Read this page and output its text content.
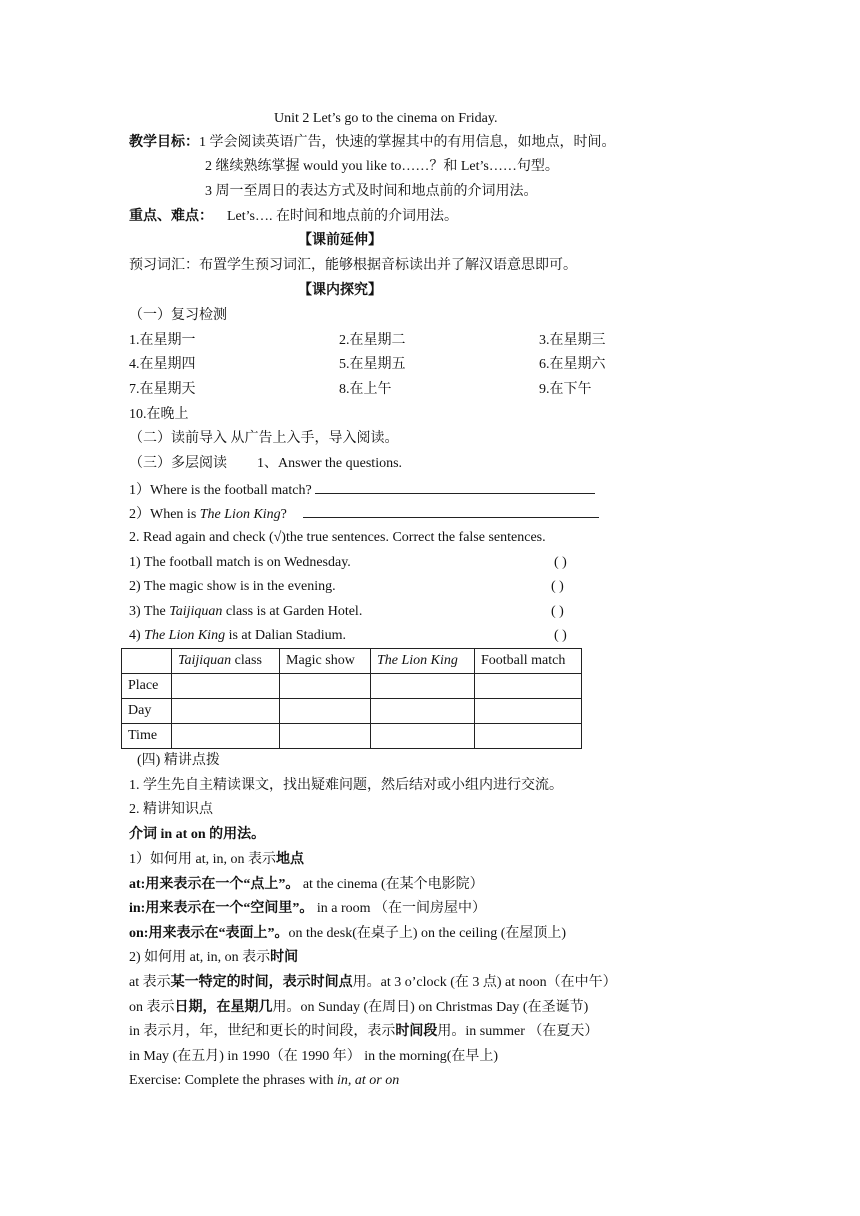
Unit 2 Let’s go to the cinema on Friday.
教学目标：1 学会阅读英语广告，快速的掌握其中的有用信息，如地点，时间。
2 继续熟练掌握 would you like to……？和 Let’s……句型。
3 周一至周日的表达方式及时间和地点前的介词用法。
重点、难点： Let’s…. 在时间和地点前的介词用法。
【课前延伸】
预习词汇：布置学生预习词汇，能够根据音标读出并了解汉语意思即可。
【课内探究】
（一）复习检测
1.在星期一	2.在星期二	3.在星期三
4.在星期四	5.在星期五	6.在星期六
7.在星期天	8.在上午	9.在下午
10.在晚上
（二）读前导入 从广告上入手，导入阅读。
（三）多层阅读 1、Answer the questions.
1）Where is the football match?
2）When is The Lion King?
2. Read again and check (√)the true sentences. Correct the false sentences.
1) The football match is on Wednesday.	( )
2) The magic show is in the evening.	( )
3) The Taijiquan class is at Garden Hotel.	( )
4) The Lion King is at Dalian Stadium.	( )
	Taijiquan class	Magic show	The Lion King	Football match
Place				
Day				
Time				
(四) 精讲点拨
1. 学生先自主精读课文，找出疑难问题，然后结对或小组内进行交流。
2. 精讲知识点
介词 in at on 的用法。
1）如何用 at, in, on 表示地点
at:用来表示在一个“点上”。 at the cinema (在某个电影院）
in:用来表示在一个“空间里”。 in a room （在一间房屋中）
on:用来表示在“表面上”。on the desk(在桌子上) on the ceiling (在屋顶上)
2) 如何用 at, in, on 表示时间
at 表示某一特定的时间，表示时间点用。at 3 o’clock (在 3 点) at noon（在中午）
on 表示日期，在星期几用。on Sunday (在周日) on Christmas Day (在圣诞节)
in 表示月，年，世纪和更长的时间段，表示时间段用。in summer （在夏天）
in May (在五月) in 1990（在 1990 年） in the morning(在早上)
Exercise: Complete the phrases with in, at or on
